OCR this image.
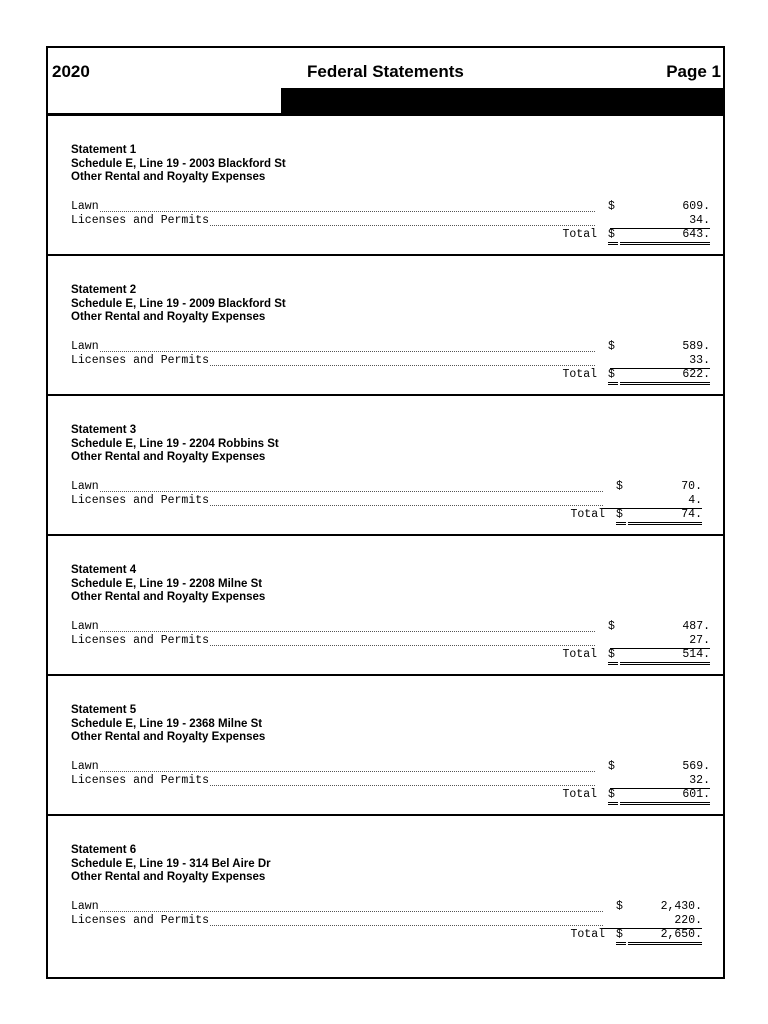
2020	Federal Statements	Page 1
Statement 1
Schedule E, Line 19 - 2003 Blackford St
Other Rental and Royalty Expenses
Lawn	$	609.
Licenses and Permits	34.
Total $	643.
Statement 2
Schedule E, Line 19 - 2009 Blackford St
Other Rental and Royalty Expenses
Lawn	$	589.
Licenses and Permits	33.
Total $	622.
Statement 3
Schedule E, Line 19 - 2204 Robbins St
Other Rental and Royalty Expenses
Lawn	$	70.
Licenses and Permits	4.
Total $	74.
Statement 4
Schedule E, Line 19 - 2208 Milne St
Other Rental and Royalty Expenses
Lawn	$	487.
Licenses and Permits	27.
Total $	514.
Statement 5
Schedule E, Line 19 - 2368 Milne St
Other Rental and Royalty Expenses
Lawn	$	569.
Licenses and Permits	32.
Total $	601.
Statement 6
Schedule E, Line 19 - 314 Bel Aire Dr
Other Rental and Royalty Expenses
Lawn	$	2,430.
Licenses and Permits	220.
Total $	2,650.
